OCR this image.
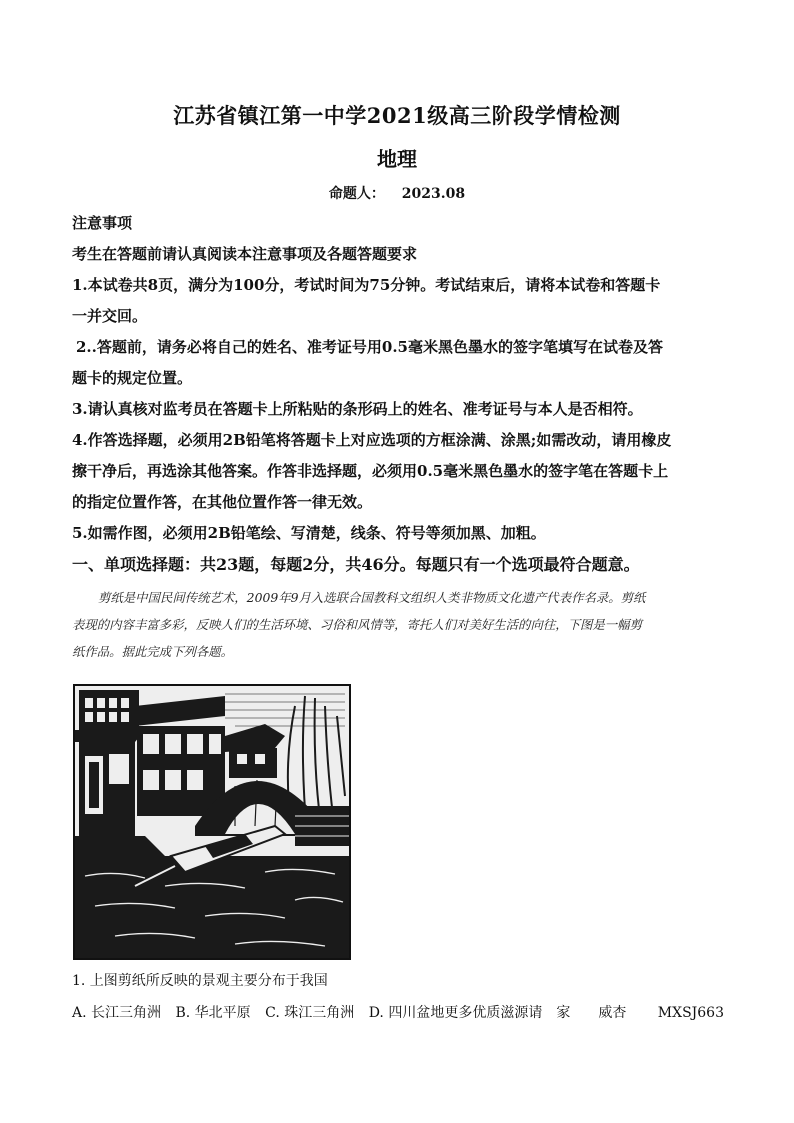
江苏省镇江第一中学2021级高三阶段学情检测
地理
命题人： 2023.08
注意事项
考生在答题前请认真阅读本注意事项及各题答题要求
1.本试卷共8页，满分为100分，考试时间为75分钟。考试结束后，请将本试卷和答题卡
一并交回。
2..答题前，请务必将自己的姓名、准考证号用0.5毫米黑色墨水的签字笔填写在试卷及答
题卡的规定位置。
3.请认真核对监考员在答题卡上所粘贴的条形码上的姓名、准考证号与本人是否相符。
4.作答选择题，必须用2B铅笔将答题卡上对应选项的方框涂满、涂黑;如需改动，请用橡皮
擦干净后，再选涂其他答案。作答非选择题，必须用0.5毫米黑色墨水的签字笔在答题卡上
的指定位置作答，在其他位置作答一律无效。
5.如需作图，必须用2B铅笔绘、写清楚，线条、符号等须加黑、加粗。
一、单项选择题：共23题，每题2分，共46分。每题只有一个选项最符合题意。
剪纸是中国民间传统艺术，2009年9月入选联合国教科文组织人类非物质文化遗产代表作名录。剪纸
表现的内容丰富多彩，反映人们的生活环境、习俗和风情等，寄托人们对美好生活的向往，下图是一幅剪
纸作品。据此完成下列各题。
1. 上图剪纸所反映的景观主要分布于我国
A. 长江三角洲 B. 华北平原 C. 珠江三角洲 D. 四川盆地更多优质滋源请　家　　威杏 MXSJ663
